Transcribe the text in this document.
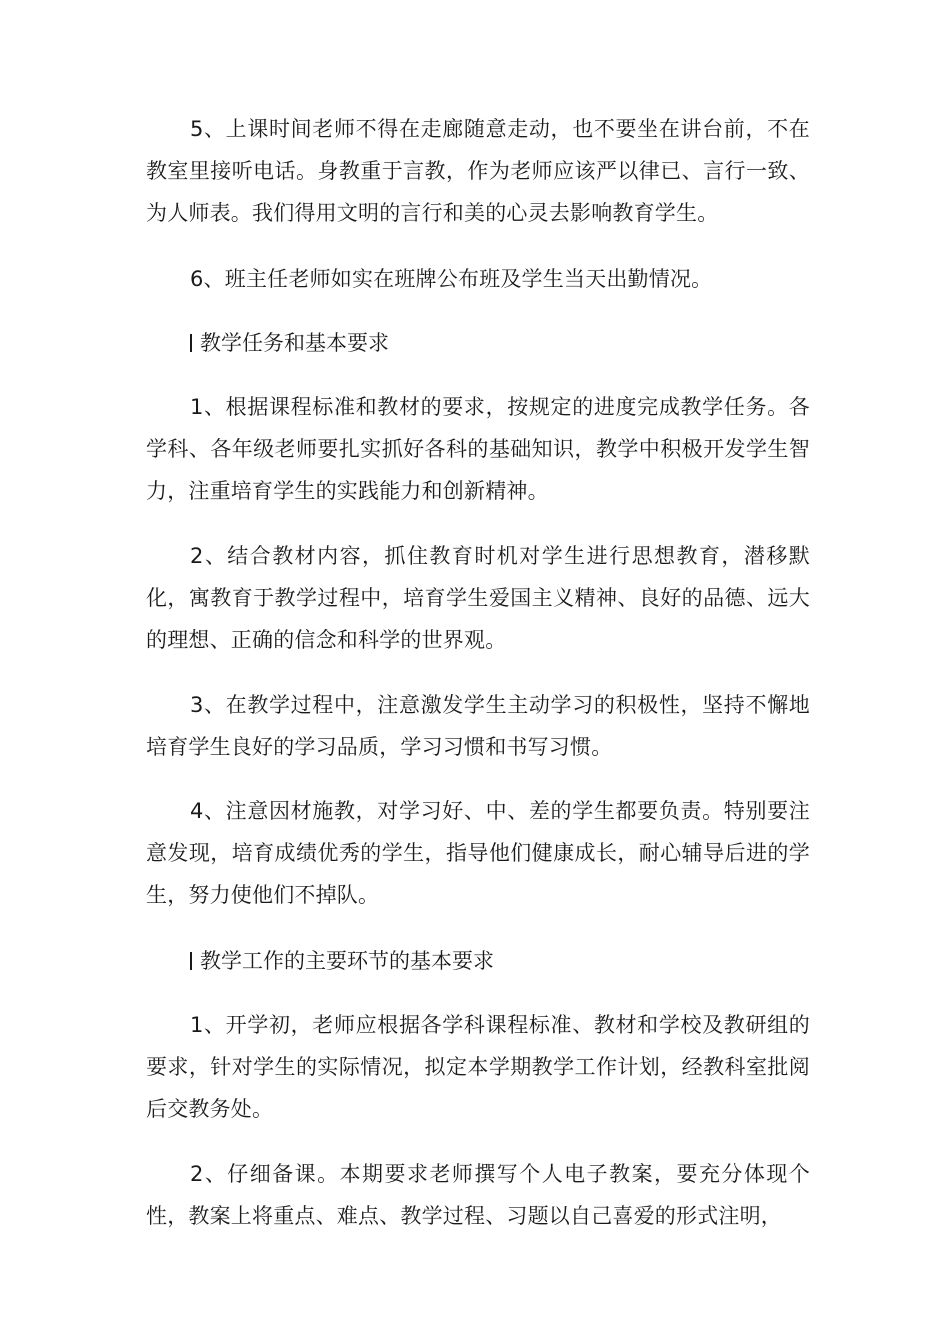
5、上课时间老师不得在走廊随意走动，也不要坐在讲台前，不在教室里接听电话。身教重于言教，作为老师应该严以律已、言行一致、为人师表。我们得用文明的言行和美的心灵去影响教育学生。

6、班主任老师如实在班牌公布班及学生当天出勤情况。

教学任务和基本要求

1、根据课程标准和教材的要求，按规定的进度完成教学任务。各学科、各年级老师要扎实抓好各科的基础知识，教学中积极开发学生智力，注重培育学生的实践能力和创新精神。

2、结合教材内容，抓住教育时机对学生进行思想教育，潜移默化，寓教育于教学过程中，培育学生爱国主义精神、良好的品德、远大的理想、正确的信念和科学的世界观。

3、在教学过程中，注意激发学生主动学习的积极性，坚持不懈地培育学生良好的学习品质，学习习惯和书写习惯。

4、注意因材施教，对学习好、中、差的学生都要负责。特别要注意发现，培育成绩优秀的学生，指导他们健康成长，耐心辅导后进的学生，努力使他们不掉队。

教学工作的主要环节的基本要求

1、开学初，老师应根据各学科课程标准、教材和学校及教研组的要求，针对学生的实际情况，拟定本学期教学工作计划，经教科室批阅后交教务处。

2、仔细备课。本期要求老师撰写个人电子教案，要充分体现个性，教案上将重点、难点、教学过程、习题以自己喜爱的形式注明，
